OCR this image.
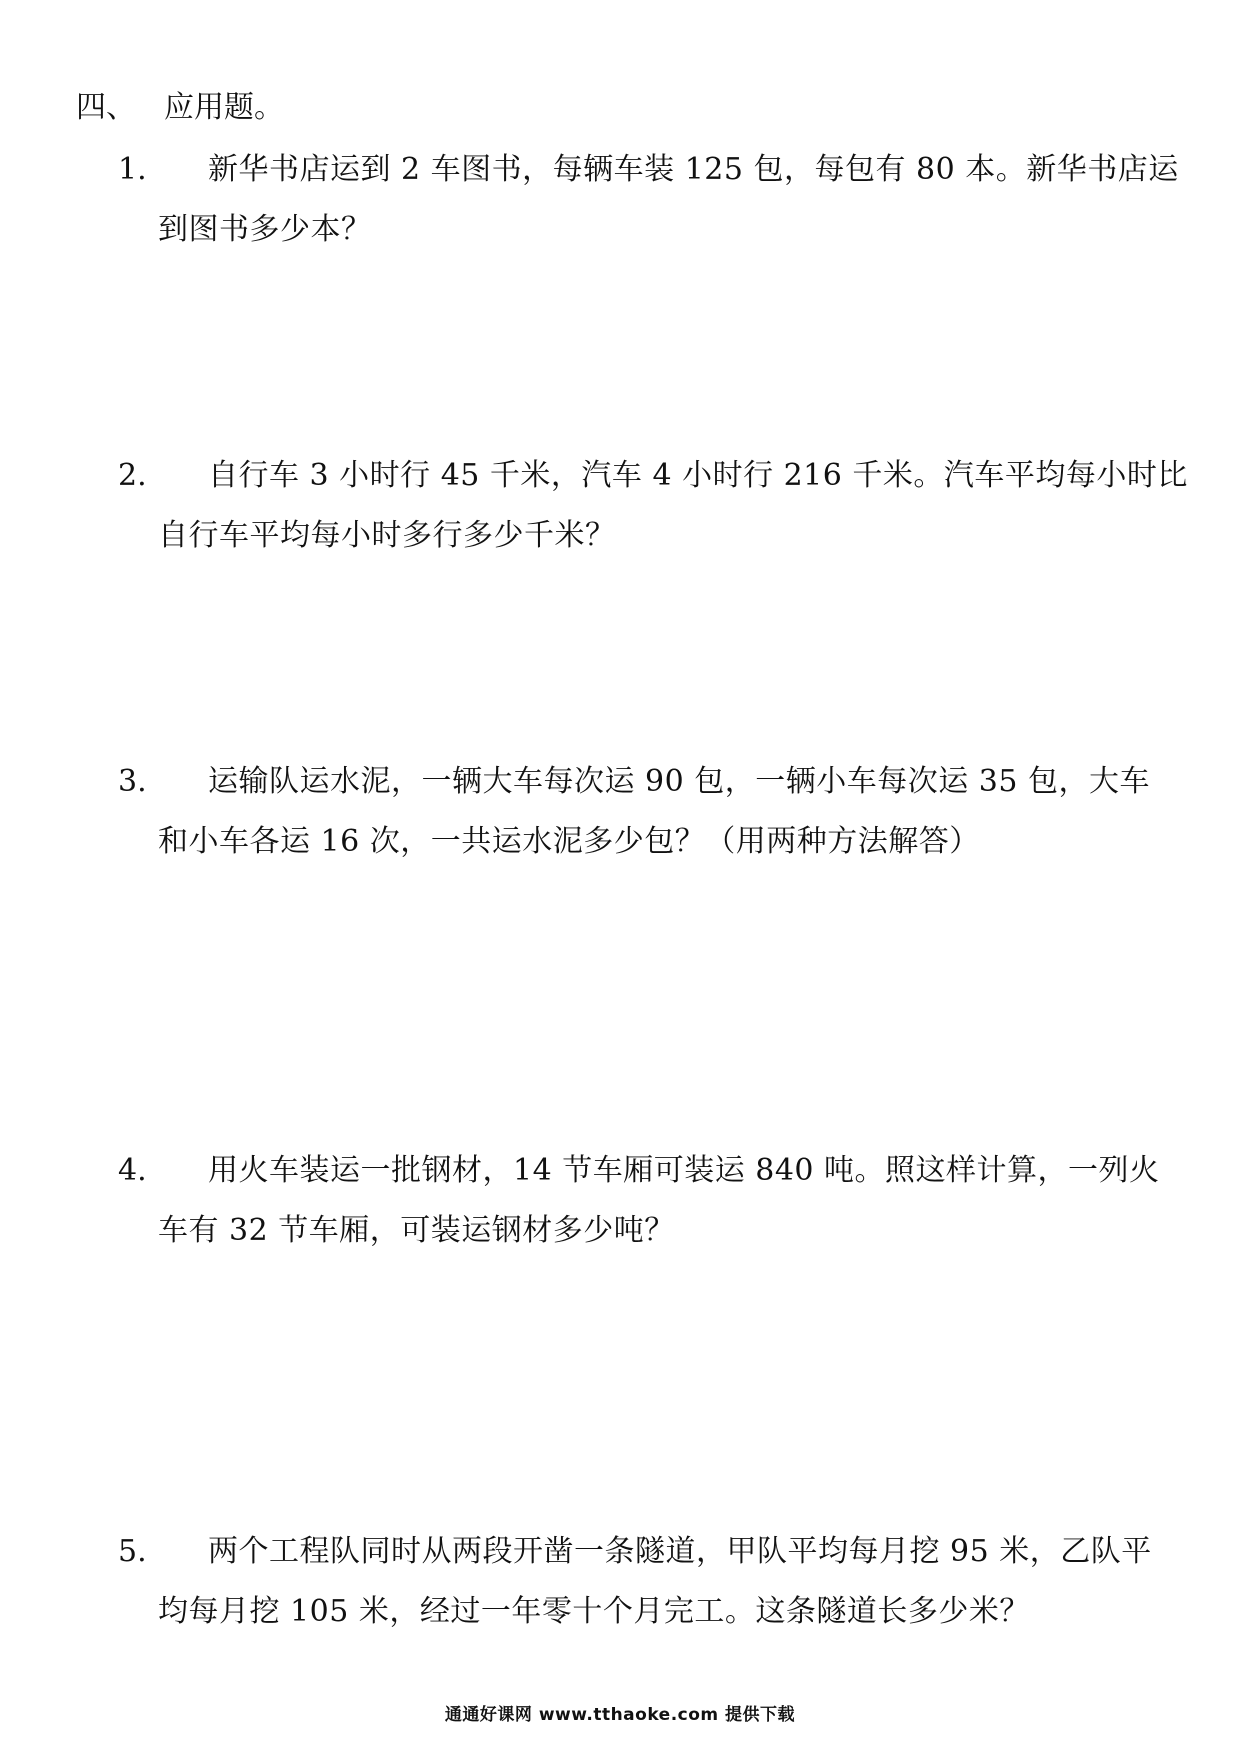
四、 应用题。
1. 新华书店运到 2 车图书，每辆车装 125 包，每包有 80 本。新华书店运
到图书多少本？
2. 自行车 3 小时行 45 千米，汽车 4 小时行 216 千米。汽车平均每小时比
自行车平均每小时多行多少千米？
3. 运输队运水泥，一辆大车每次运 90 包，一辆小车每次运 35 包，大车
和小车各运 16 次，一共运水泥多少包？（用两种方法解答）
4. 用火车装运一批钢材，14 节车厢可装运 840 吨。照这样计算，一列火
车有 32 节车厢，可装运钢材多少吨？
5. 两个工程队同时从两段开凿一条隧道，甲队平均每月挖 95 米，乙队平
均每月挖 105 米，经过一年零十个月完工。这条隧道长多少米？
通通好课网 www.tthaoke.com 提供下载
